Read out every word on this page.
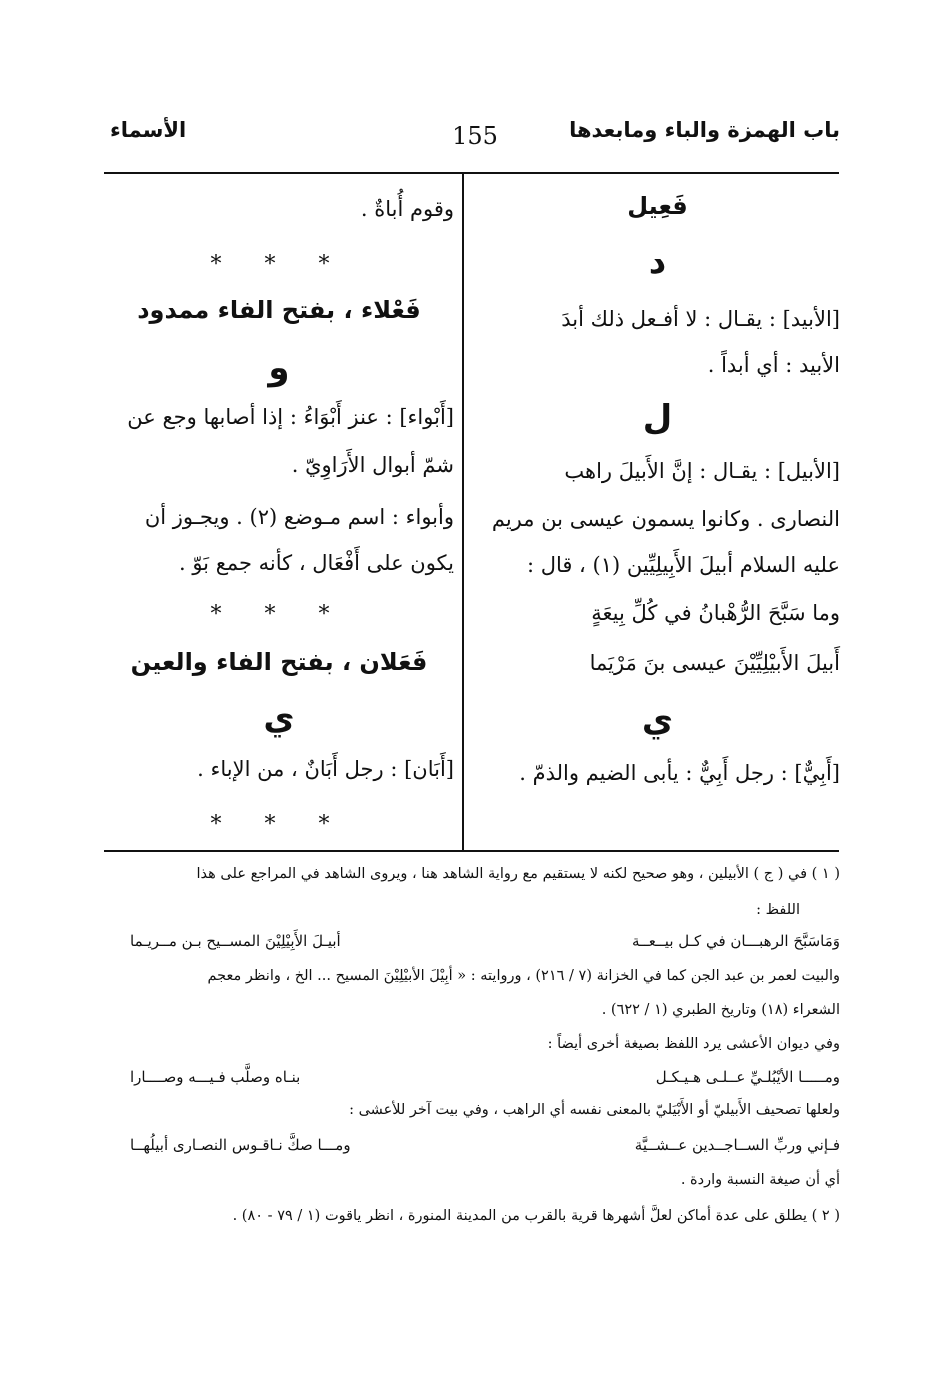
باب الهمزة والباء ومابعدها
155
الأسماء
فَعِيل
د
[الأبيد] : يقـال : لا أفـعل ذلك أبدَ
الأبيد : أي أبداً .
ل
[الأبيل] : يقـال : إنَّ الأَبيلَ راهب
النصارى . وكانوا يسمون عيسى بن مريم
عليه السلام أبيلَ الأَبِيلِيِّين (١) ، قال :
وما سَبَّحَ الرُّهْبانُ في كُلِّ بِيعَةٍ
أَبيلَ الأَبيْلِيِّيْنَ عيسى بنَ مَرْيَما
ي
[أَبِيٌّ] : رجل أَبِيٌّ : يأبى الضيم والذمّ .
وقوم أُباةٌ .
* * *
فَعْلاء ، بفتح الفاء ممدود
و
[أَبْواء] : عنز أَبْوَاءُ : إذا أصابها وجع عن
شمّ أبوال الأَرَاوِيّ .
وأبواء : اسم مـوضع (٢) . ويجـوز أن
يكون على أَفْعَال ، كأنه جمع بَوّ .
* * *
فَعَلان ، بفتح الفاء والعين
ي
[أَبَان] : رجل أَبَانٌ ، من الإباء .
* * *
( ١ ) في ( ج ) الأبيلين ، وهو صحيح لكنه لا يستقيم مع رواية الشاهد هنا ، ويروى الشاهد في المراجع على هذا
اللفظ :
وَمَاسَبَّحَ الرهبـــان في كـل بيــعــة
أبيـلَ الأَبِيْلِيْنَ المســيح بـن مــريـما
والبيت لعمر بن عبد الجن كما في الخزانة (٧ / ٢١٦) ، وروايته : « أبِيْلَ الأبيْلِيْنَ المسيح ... الخ ، وانظر معجم
الشعراء (١٨) وتاريخ الطبري (١ / ٦٢٢) .
وفي ديوان الأعشى يرد اللفظ بصيغة أخرى أيضاً :
ومـــــا الأيْبُلـيِّ عــلـى هـيـكـل
بنـاه وصلَّب فـيـــه وصــــارا
ولعلها تصحيف الأَبيليّ أو الأَبْيَليّ بالمعنى نفسه أي الراهب ، وفي بيت آخر للأعشى :
فـإني وربِّ الســاجــدين عــشــيَّة
ومـــا صكَّ نـاقـوس النصـارى أبيلُهــا
أي أن صيغة النسبة واردة .
( ٢ ) يطلق على عدة أماكن لعلَّ أشهرها قرية بالقرب من المدينة المنورة ، انظر ياقوت (١ / ٧٩ - ٨٠) .
